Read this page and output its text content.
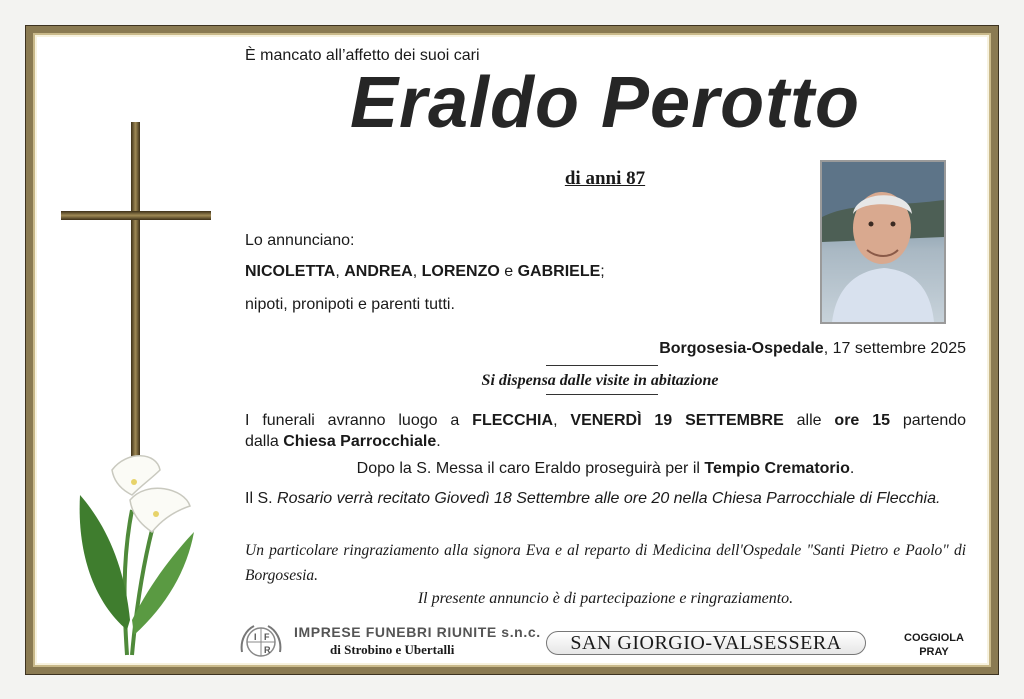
È mancato all’affetto dei suoi cari
Eraldo Perotto
di anni 87
Lo annunciano:
NICOLETTA, ANDREA, LORENZO e GABRIELE;
nipoti, pronipoti e parenti tutti.
Borgosesia-Ospedale, 17 settembre 2025
Si dispensa dalle visite in abitazione
I funerali avranno luogo a FLECCHIA, VENERDÌ 19 SETTEMBRE alle ore 15 partendo
dalla Chiesa Parrocchiale.
Dopo la S. Messa il caro Eraldo proseguirà per il Tempio Crematorio.
Il S. Rosario verrà recitato Giovedì 18 Settembre alle ore 20 nella Chiesa Parrocchiale di Flecchia.
Un particolare ringraziamento alla signora Eva e al reparto di Medicina dell'Ospedale "Santi Pietro e Paolo" di Borgosesia.
Il presente annuncio è di partecipazione e ringraziamento.
I F
R
IMPRESE FUNEBRI RIUNITE s.n.c.
di Strobino e Ubertalli	SAN GIORGIO-VALSESSERA	COGGIOLA
PRAY
